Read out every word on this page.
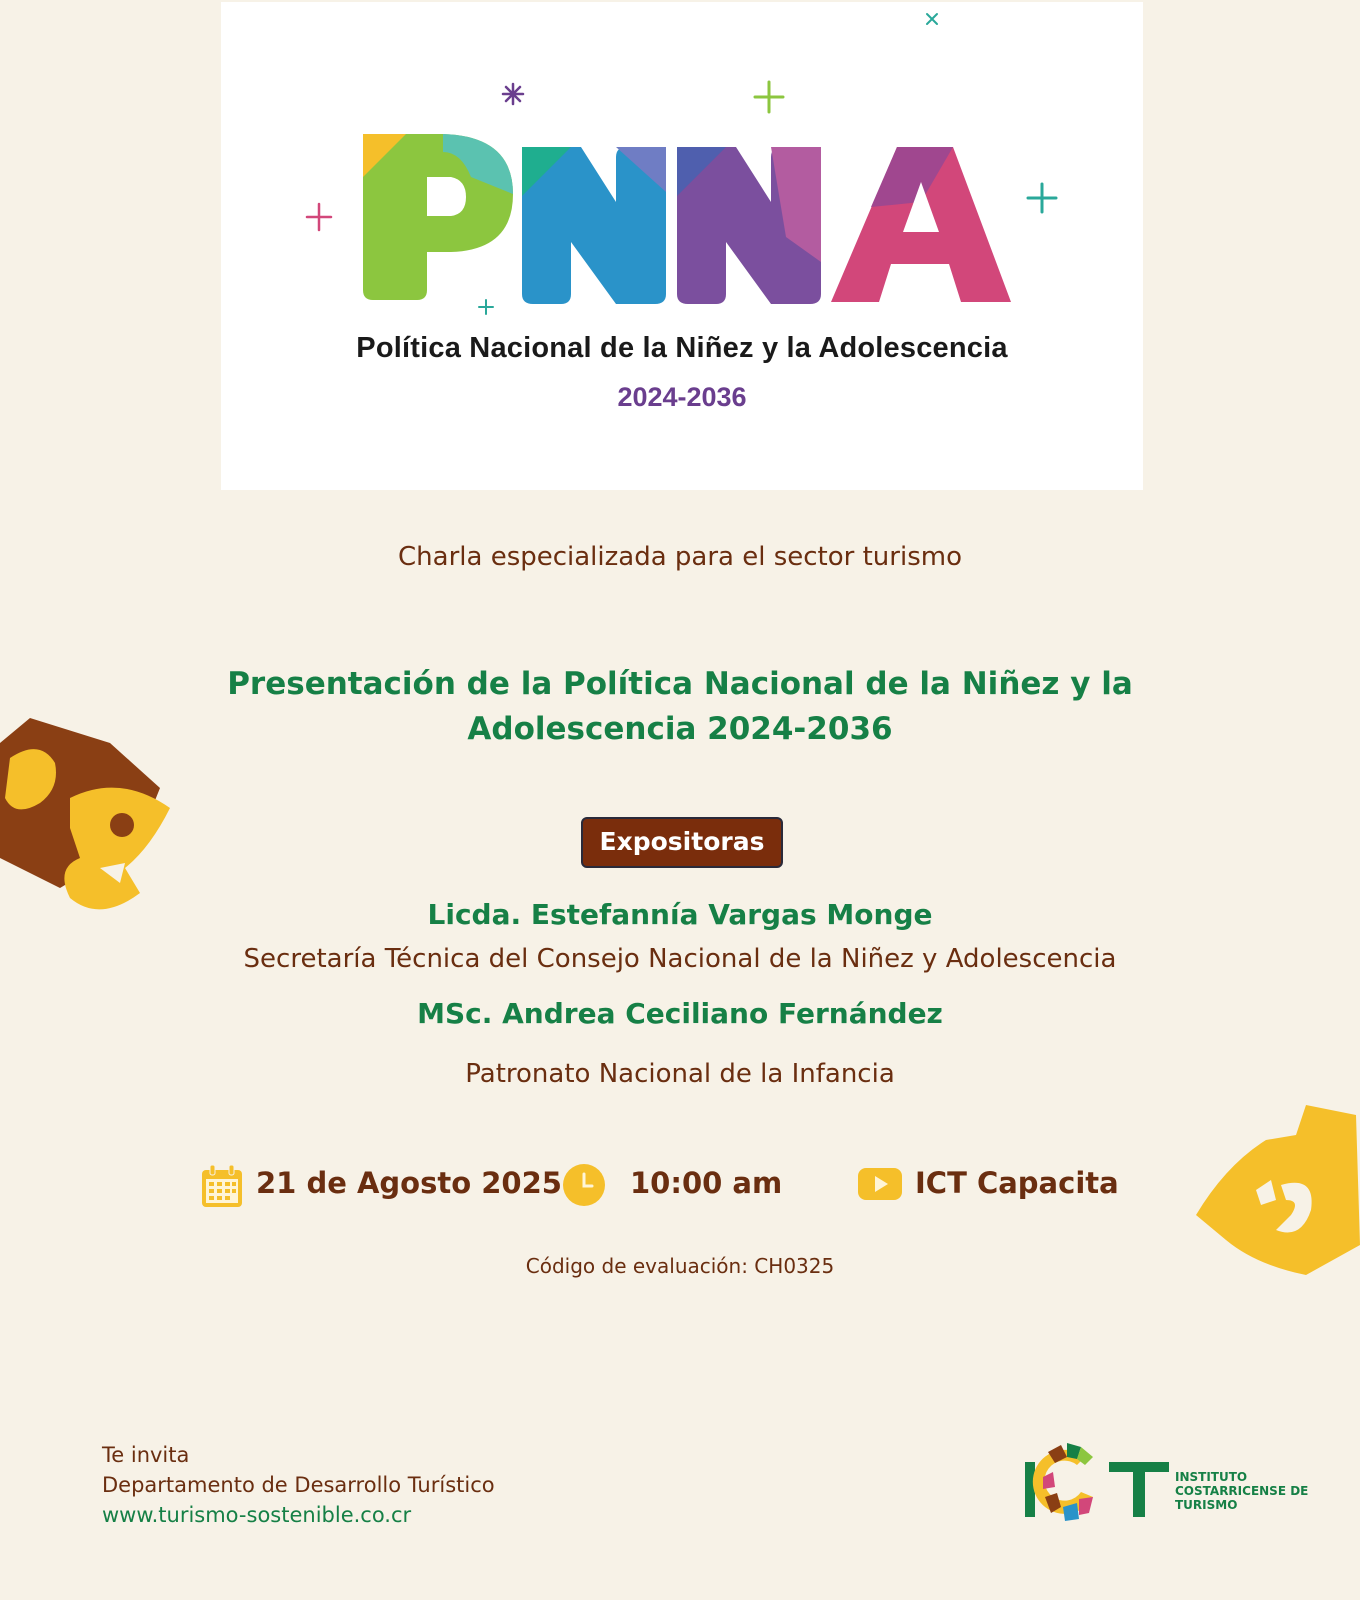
Política Nacional de la Niñez y la Adolescencia
2024-2036
Charla especializada para el sector turismo
Presentación de la Política Nacional de la Niñez y la
Adolescencia 2024-2036
Expositoras
Licda. Estefannía Vargas Monge
Secretaría Técnica del Consejo Nacional de la Niñez y Adolescencia
MSc. Andrea Ceciliano Fernández
Patronato Nacional de la Infancia
21 de Agosto 2025 10:00 am	ICT Capacita
Código de evaluación: CH0325
Te invita
Departamento de Desarrollo Turístico
www.turismo-sostenible.co.cr
INSTITUTO
COSTARRICENSE DE
TURISMO
